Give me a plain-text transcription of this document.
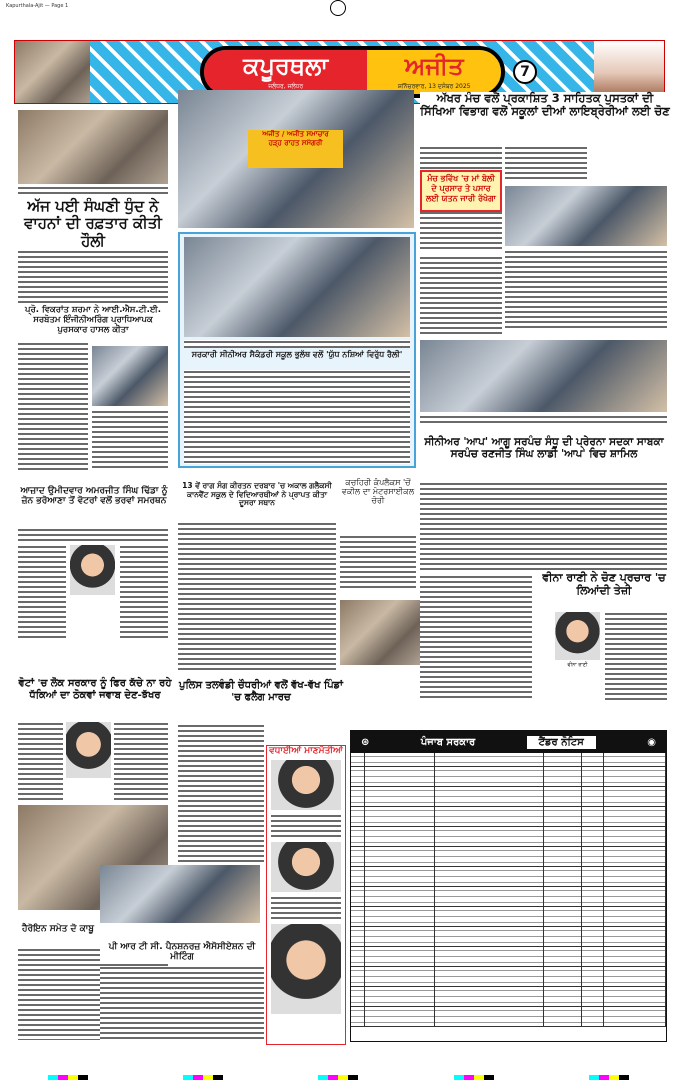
Kapurthala-Ajit — Page 1
ਕਪੂਰਥਲਾ
ਜਲੰਧਰ, ਜਲੰਧਰ
ਅਜੀਤ
ਸ਼ਨਿੱਚਰਵਾਰ, 13 ਦਸੰਬਰ 2025
7
ਅੱਜ ਪਈ ਸੰਘਣੀ ਧੁੰਦ ਨੇ ਵਾਹਨਾਂ ਦੀ ਰਫ਼ਤਾਰ ਕੀਤੀ ਹੌਲੀ
ਪ੍ਰੋ. ਵਿਕਰਾਂਤ ਸ਼ਰਮਾ ਨੇ ਆਈ.ਐਸ.ਟੀ.ਈ. ਸਰਬੋਤਮ ਇੰਜੀਨੀਅਰਿੰਗ ਪ੍ਰਾਧਿਆਪਕ ਪੁਰਸਕਾਰ ਹਾਸਲ ਕੀਤਾ
ਆਜ਼ਾਦ ਉਮੀਦਵਾਰ ਅਮਰਜੀਤ ਸਿੰਘ ਢਿੱਡਾ ਨੂੰ ਜ਼ੋਨ ਭਰੋਆਣਾ ਤੋਂ ਵੋਟਰਾਂ ਵਲੋਂ ਭਰਵਾਂ ਸਮਰਥਨ
ਵੋਟਾਂ 'ਚ ਲੋਕ ਸਰਕਾਰ ਨੂੰ ਫਿਰ ਕੱਚੇ ਨਾ ਰਹੇ ਧੱਕਿਆਂ ਦਾ ਠੋਕਵਾਂ ਜਵਾਬ ਦੇਣ-ਝੱਖਰ
ਹੈਰੋਇਨ ਸਮੇਤ ਦੋ ਕਾਬੂ
ਅਜੀਤ / ਅਜੀਤ ਸਮਾਚਾਰ
ਹੜ੍ਹ ਰਾਹਤ ਸਮੱਗਰੀ
ਸਰਕਾਰੀ ਸੀਨੀਅਰ ਸੈਕੰਡਰੀ ਸਕੂਲ ਭੁਲੱਥ ਵਲੋਂ 'ਯੁੱਧ ਨਸ਼ਿਆਂ ਵਿਰੁੱਧ ਰੈਲੀ'
13 ਵੇਂ ਰਾਗ ਸੰਗ ਕੀਰਤਨ ਦਰਬਾਰ 'ਚ ਅਕਾਲ ਗਲੈਕਸੀ ਕਾਨਵੈਂਟ ਸਕੂਲ ਦੇ ਵਿਦਿਆਰਥੀਆਂ ਨੇ ਪ੍ਰਾਪਤ ਕੀਤਾ ਦੂਸਰਾ ਸਥਾਨ
ਕਚਹਿਰੀ ਕੰਪਲੈਕਸ 'ਚੋਂ ਵਕੀਲ ਦਾ ਮੋਟਰਸਾਈਕਲ ਚੋਰੀ
ਪੁਲਿਸ ਤਲਵੰਡੀ ਚੌਧਰੀਆਂ ਵਲੋਂ ਵੱਖ-ਵੱਖ ਪਿੰਡਾਂ 'ਚ ਫਲੈਗ ਮਾਰਚ
ਵਧਾਈਆਂ ਮਾਣਮੱਤੀਆਂ
ਪੀ ਆਰ ਟੀ ਸੀ. ਪੈਨਸ਼ਨਰਜ਼ ਐਸੋਸੀਏਸ਼ਨ ਦੀ ਮੀਟਿੰਗ
ਅੱਖਰ ਮੰਚ ਵਲੋਂ ਪ੍ਰਕਾਸ਼ਿਤ 3 ਸਾਹਿਤਕ ਪੁਸਤਕਾਂ ਦੀ ਸਿੱਖਿਆ ਵਿਭਾਗ ਵਲੋਂ ਸਕੂਲਾਂ ਦੀਆਂ ਲਾਇਬ੍ਰੇਰੀਆਂ ਲਈ ਚੋਣ
ਮੰਚ ਭਵਿੱਖ 'ਚ ਮਾਂ ਬੋਲੀ ਦੇ ਪ੍ਰਸਾਰ ਤੇ ਪਸਾਰ ਲਈ ਯਤਨ ਜਾਰੀ ਰੱਖੇਗਾ
ਸੀਨੀਅਰ 'ਆਪ' ਆਗੂ ਸਰਪੰਚ ਸੰਧੂ ਦੀ ਪ੍ਰੇਰਨਾ ਸਦਕਾ ਸਾਬਕਾ ਸਰਪੰਚ ਰਣਜੀਤ ਸਿੰਘ ਲਾਡੀ 'ਆਪ' ਵਿਚ ਸ਼ਾਮਿਲ
ਵੀਨਾ ਰਾਣੀ ਨੇ ਚੋਣ ਪ੍ਰਚਾਰ 'ਚ ਲਿਆਂਦੀ ਤੇਜ਼ੀ
ਵੀਨਾ ਰਾਣੀ
⊛	ਪੰਜਾਬ ਸਰਕਾਰ	ਟੈਂਡਰ ਨੋਟਿਸ	◉
